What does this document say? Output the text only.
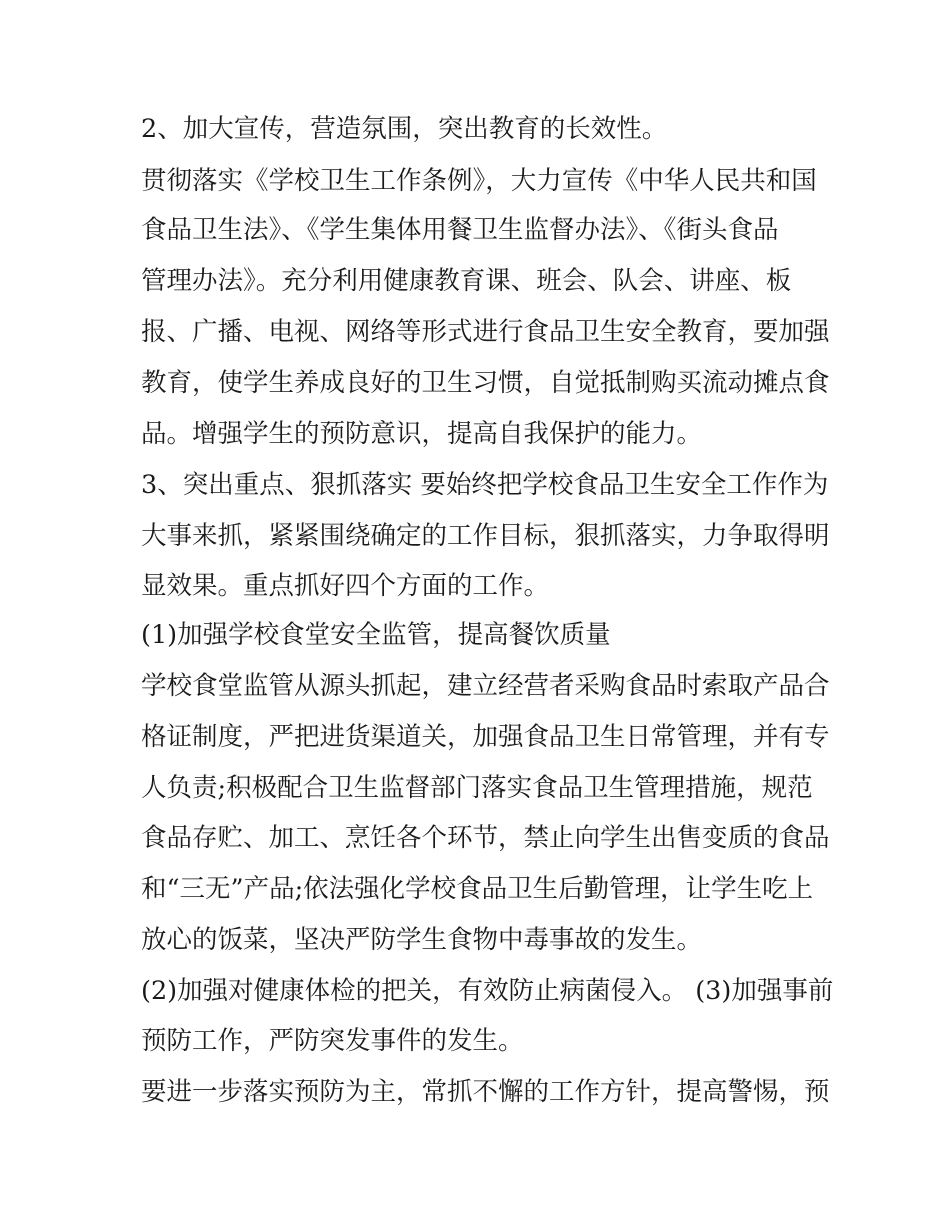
2、加大宣传，营造氛围，突出教育的长效性。
贯彻落实《学校卫生工作条例》，大力宣传《中华人民共和国
食品卫生法》、《学生集体用餐卫生监督办法》、《街头食品
管理办法》。充分利用健康教育课、班会、队会、讲座、板
报、广播、电视、网络等形式进行食品卫生安全教育，要加强
教育，使学生养成良好的卫生习惯，自觉抵制购买流动摊点食
品。增强学生的预防意识，提高自我保护的能力。
3、突出重点、狠抓落实 要始终把学校食品卫生安全工作作为
大事来抓，紧紧围绕确定的工作目标，狠抓落实，力争取得明
显效果。重点抓好四个方面的工作。
(1)加强学校食堂安全监管，提高餐饮质量
学校食堂监管从源头抓起，建立经营者采购食品时索取产品合
格证制度，严把进货渠道关，加强食品卫生日常管理，并有专
人负责;积极配合卫生监督部门落实食品卫生管理措施，规范
食品存贮、加工、烹饪各个环节，禁止向学生出售变质的食品
和“三无”产品;依法强化学校食品卫生后勤管理，让学生吃上
放心的饭菜，坚决严防学生食物中毒事故的发生。
(2)加强对健康体检的把关，有效防止病菌侵入。 (3)加强事前
预防工作，严防突发事件的发生。
要进一步落实预防为主，常抓不懈的工作方针，提高警惕，预
